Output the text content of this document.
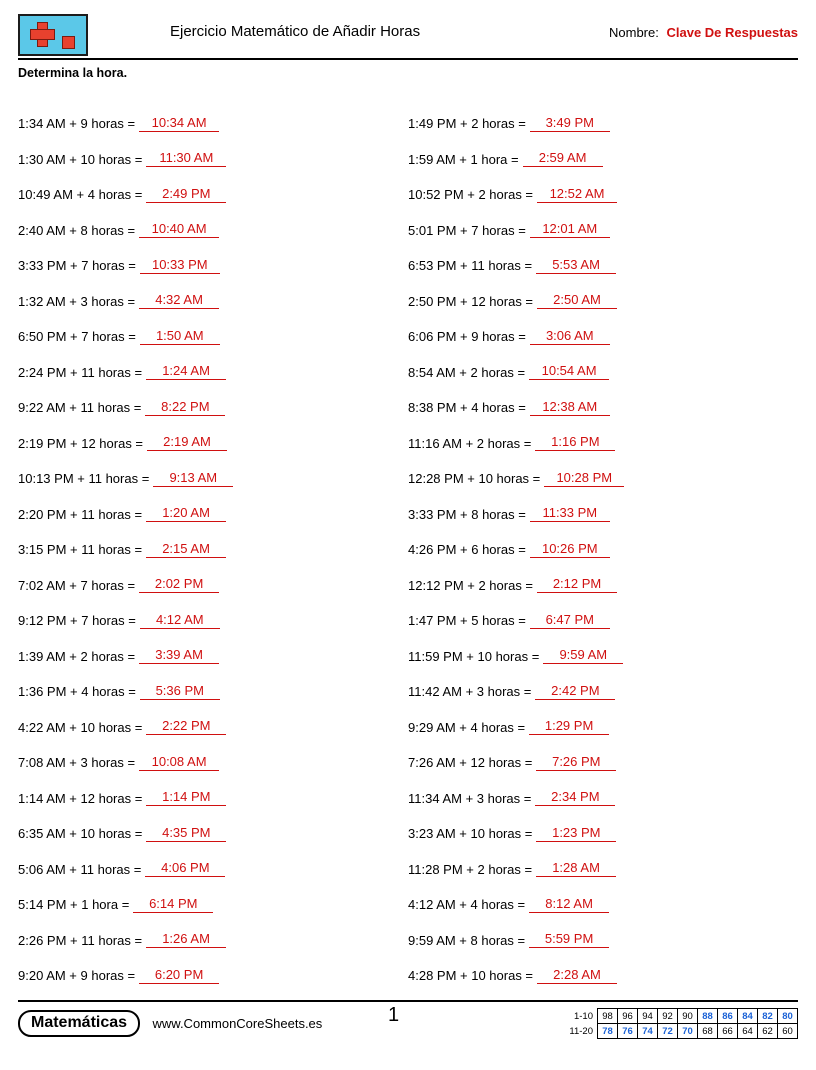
Ejercicio Matemático de Añadir Horas	Nombre: Clave De Respuestas
Determina la hora.
1:34 AM + 9 horas =	10:34 AM
1:30 AM + 10 horas =	11:30 AM
10:49 AM + 4 horas =	2:49 PM
2:40 AM + 8 horas =	10:40 AM
3:33 PM + 7 horas =	10:33 PM
1:32 AM + 3 horas =	4:32 AM
6:50 PM + 7 horas =	1:50 AM
2:24 PM + 11 horas =	1:24 AM
9:22 AM + 11 horas =	8:22 PM
2:19 PM + 12 horas =	2:19 AM
10:13 PM + 11 horas =	9:13 AM
2:20 PM + 11 horas =	1:20 AM
3:15 PM + 11 horas =	2:15 AM
7:02 AM + 7 horas =	2:02 PM
9:12 PM + 7 horas =	4:12 AM
1:39 AM + 2 horas =	3:39 AM
1:36 PM + 4 horas =	5:36 PM
4:22 AM + 10 horas =	2:22 PM
7:08 AM + 3 horas =	10:08 AM
1:14 AM + 12 horas =	1:14 PM
6:35 AM + 10 horas =	4:35 PM
5:06 AM + 11 horas =	4:06 PM
5:14 PM + 1 hora =	6:14 PM
2:26 PM + 11 horas =	1:26 AM
9:20 AM + 9 horas =	6:20 PM
1:49 PM + 2 horas =	3:49 PM
1:59 AM + 1 hora =	2:59 AM
10:52 PM + 2 horas =	12:52 AM
5:01 PM + 7 horas =	12:01 AM
6:53 PM + 11 horas =	5:53 AM
2:50 PM + 12 horas =	2:50 AM
6:06 PM + 9 horas =	3:06 AM
8:54 AM + 2 horas =	10:54 AM
8:38 PM + 4 horas =	12:38 AM
11:16 AM + 2 horas =	1:16 PM
12:28 PM + 10 horas =	10:28 PM
3:33 PM + 8 horas =	11:33 PM
4:26 PM + 6 horas =	10:26 PM
12:12 PM + 2 horas =	2:12 PM
1:47 PM + 5 horas =	6:47 PM
11:59 PM + 10 horas =	9:59 AM
11:42 AM + 3 horas =	2:42 PM
9:29 AM + 4 horas =	1:29 PM
7:26 AM + 12 horas =	7:26 PM
11:34 AM + 3 horas =	2:34 PM
3:23 AM + 10 horas =	1:23 PM
11:28 PM + 2 horas =	1:28 AM
4:12 AM + 4 horas =	8:12 AM
9:59 AM + 8 horas =	5:59 PM
4:28 PM + 10 horas =	2:28 AM
Matemáticas www.CommonCoreSheets.es	1	1-10	98	96	94	92	90	88	86	84	82	80
11-20	78	76	74	72	70	68	66	64	62	60
